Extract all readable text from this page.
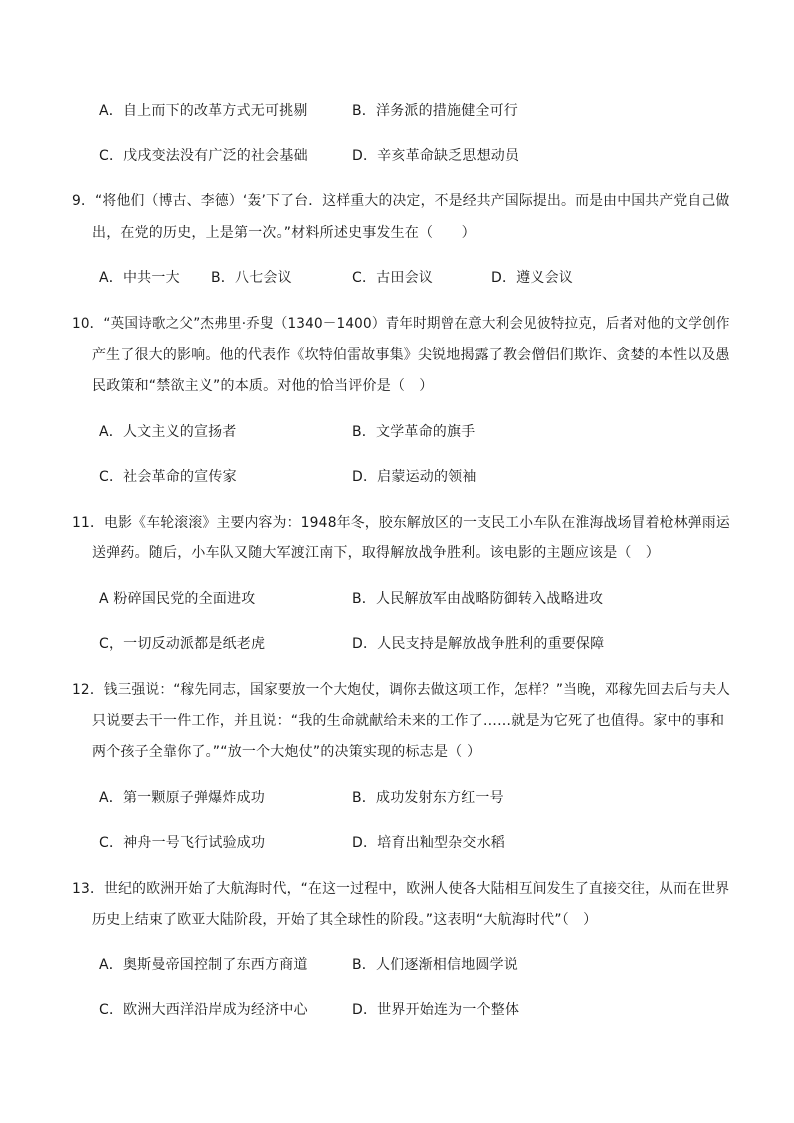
A．自上而下的改革方式无可挑剔	B．洋务派的措施健全可行
C．戊戌变法没有广泛的社会基础	D．辛亥革命缺乏思想动员
9．“将他们（博古、李德）‘轰’下了台．这样重大的决定，不是经共产国际提出。而是由中国共产党自己做
出，在党的历史，上是第一次。”材料所述史事发生在（　　）
A．中共一大 B．八七会议	C．古田会议	D．遵义会议
10．“英国诗歌之父”杰弗里·乔叟（1340－1400）青年时期曾在意大利会见彼特拉克，后者对他的文学创作
产生了很大的影响。他的代表作《坎特伯雷故事集》尖锐地揭露了教会僧侣们欺诈、贪婪的本性以及愚
民政策和“禁欲主义”的本质。对他的恰当评价是（　）
A．人文主义的宣扬者	B．文学革命的旗手
C．社会革命的宣传家	D．启蒙运动的领袖
11．电影《车轮滚滚》主要内容为：1948年冬，胶东解放区的一支民工小车队在淮海战场冒着枪林弹雨运
送弹药。随后，小车队又随大军渡江南下，取得解放战争胜利。该电影的主题应该是（　）
A 粉碎国民党的全面进攻	B．人民解放军由战略防御转入战略进攻
C，一切反动派都是纸老虎	D．人民支持是解放战争胜利的重要保障
12．钱三强说：“稼先同志，国家要放一个大炮仗，调你去做这项工作，怎样？”当晚，邓稼先回去后与夫人
只说要去干一件工作，并且说：“我的生命就献给未来的工作了……就是为它死了也值得。家中的事和
两个孩子全靠你了。”“放一个大炮仗”的决策实现的标志是（ ）
A．第一颗原子弹爆炸成功	B．成功发射东方红一号
C．神舟一号飞行试验成功	D．培育出籼型杂交水稻
13．世纪的欧洲开始了大航海时代，“在这一过程中，欧洲人使各大陆相互间发生了直接交往，从而在世界
历史上结束了欧亚大陆阶段，开始了其全球性的阶段。”这表明“大航海时代”（　）
A．奥斯曼帝国控制了东西方商道	B．人们逐渐相信地圆学说
C．欧洲大西洋沿岸成为经济中心	D．世界开始连为一个整体
